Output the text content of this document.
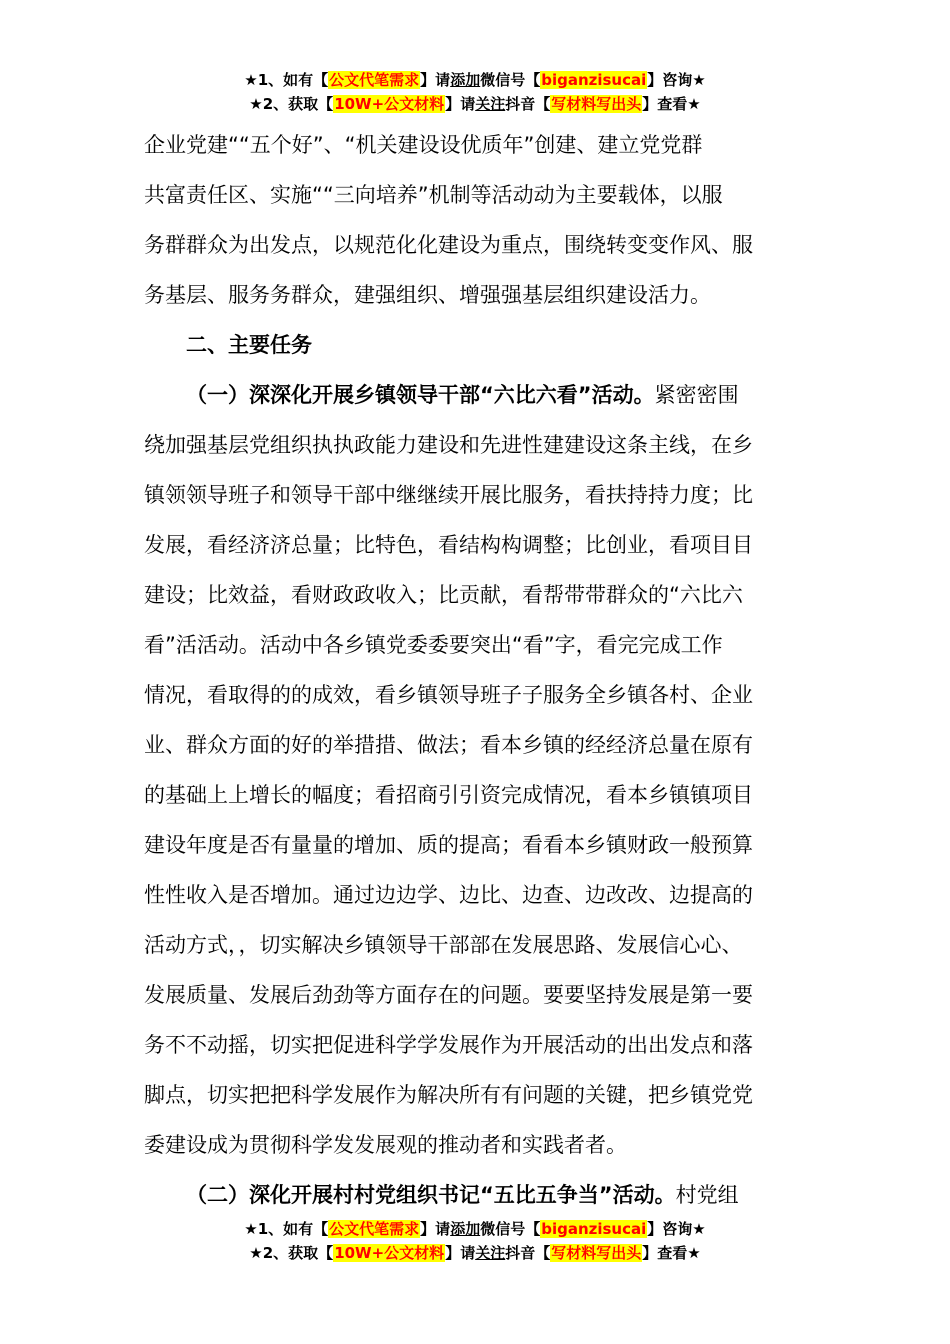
★1、如有【公文代笔需求】请添加微信号【biganzisucai】咨询★
★2、获取【10W+公文材料】请关注抖音【写材料写出头】查看★
企业党建““五个好”、“机关建设设优质年”创建、建立党党群
共富责任区、实施““三向培养”机制等活动动为主要载体，以服
务群群众为出发点，以规范化化建设为重点，围绕转变变作风、服
务基层、服务务群众，建强组织、增强强基层组织建设活力。
二、主要任务
（一）深深化开展乡镇领导干部“六比六看”活动。紧密密围
绕加强基层党组织执执政能力建设和先进性建建设这条主线，在乡
镇领领导班子和领导干部中继继续开展比服务，看扶持持力度；比
发展，看经济济总量；比特色，看结构构调整；比创业，看项目目
建设；比效益，看财政政收入；比贡献，看帮带带群众的“六比六
看”活活动。活动中各乡镇党委委要突出“看”字，看完完成工作
情况，看取得的的成效，看乡镇领导班子子服务全乡镇各村、企业
业、群众方面的好的举措措、做法；看本乡镇的经经济总量在原有
的基础上上增长的幅度；看招商引引资完成情况，看本乡镇镇项目
建设年度是否有量量的增加、质的提高；看看本乡镇财政一般预算
性性收入是否增加。通过边边学、边比、边查、边改改、边提高的
活动方式，，切实解决乡镇领导干部部在发展思路、发展信心心、
发展质量、发展后劲劲等方面存在的问题。要要坚持发展是第一要
务不不动摇，切实把促进科学学发展作为开展活动的出出发点和落
脚点，切实把把科学发展作为解决所有有问题的关键，把乡镇党党
委建设成为贯彻科学发发展观的推动者和实践者者。
（二）深化开展村村党组织书记“五比五争当”活动。村党组
★1、如有【公文代笔需求】请添加微信号【biganzisucai】咨询★
★2、获取【10W+公文材料】请关注抖音【写材料写出头】查看★
